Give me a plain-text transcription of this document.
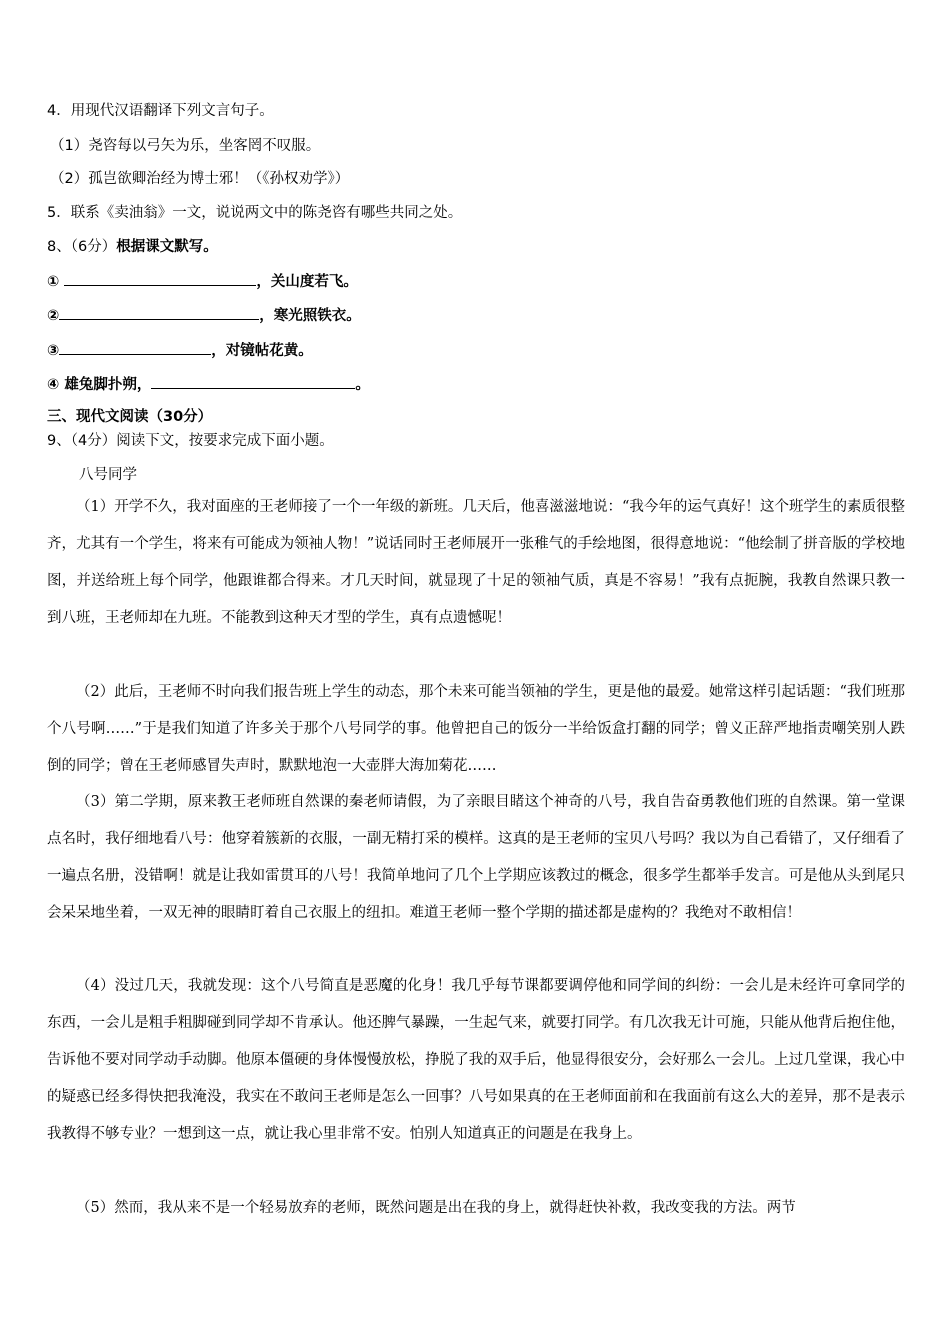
4．用现代汉语翻译下列文言句子。
（1）尧咨每以弓矢为乐，坐客罔不叹服。
（2）孤岂欲卿治经为博士邪！（《孙权劝学》）
5．联系《卖油翁》一文，说说两文中的陈尧咨有哪些共同之处。
8、（6分）根据课文默写。
①	，关山度若飞。
②	，寒光照铁衣。
③	，对镜帖花黄。
④ 雄兔脚扑朔，	。
三、现代文阅读（30分）
9、（4分）阅读下文，按要求完成下面小题。
八号同学
（1）开学不久，我对面座的王老师接了一个一年级的新班。几天后，他喜滋滋地说：“我今年的运气真好！这个班学生的素质很整齐，尤其有一个学生，将来有可能成为领袖人物！”说话同时王老师展开一张稚气的手绘地图，很得意地说：“他绘制了拼音版的学校地图，并送给班上每个同学，他跟谁都合得来。才几天时间，就显现了十足的领袖气质，真是不容易！”我有点扼腕，我教自然课只教一到八班，王老师却在九班。不能教到这种天才型的学生，真有点遗憾呢！
（2）此后，王老师不时向我们报告班上学生的动态，那个未来可能当领袖的学生，更是他的最爱。她常这样引起话题：“我们班那个八号啊……”于是我们知道了许多关于那个八号同学的事。他曾把自己的饭分一半给饭盒打翻的同学；曾义正辞严地指责嘲笑别人跌倒的同学；曾在王老师感冒失声时，默默地泡一大壶胖大海加菊花……
（3）第二学期，原来教王老师班自然课的秦老师请假，为了亲眼目睹这个神奇的八号，我自告奋勇教他们班的自然课。第一堂课点名时，我仔细地看八号：他穿着簇新的衣服，一副无精打采的模样。这真的是王老师的宝贝八号吗？我以为自己看错了，又仔细看了一遍点名册，没错啊！就是让我如雷贯耳的八号！我简单地问了几个上学期应该教过的概念，很多学生都举手发言。可是他从头到尾只会呆呆地坐着，一双无神的眼睛盯着自己衣服上的纽扣。难道王老师一整个学期的描述都是虚构的？我绝对不敢相信！
（4）没过几天，我就发现：这个八号简直是恶魔的化身！我几乎每节课都要调停他和同学间的纠纷：一会儿是未经许可拿同学的东西，一会儿是粗手粗脚碰到同学却不肯承认。他还脾气暴躁，一生起气来，就要打同学。有几次我无计可施，只能从他背后抱住他，告诉他不要对同学动手动脚。他原本僵硬的身体慢慢放松，挣脱了我的双手后，他显得很安分，会好那么一会儿。上过几堂课，我心中的疑惑已经多得快把我淹没，我实在不敢问王老师是怎么一回事？八号如果真的在王老师面前和在我面前有这么大的差异，那不是表示我教得不够专业？一想到这一点，就让我心里非常不安。怕别人知道真正的问题是在我身上。
（5）然而，我从来不是一个轻易放弃的老师，既然问题是出在我的身上，就得赶快补救，我改变我的方法。两节
